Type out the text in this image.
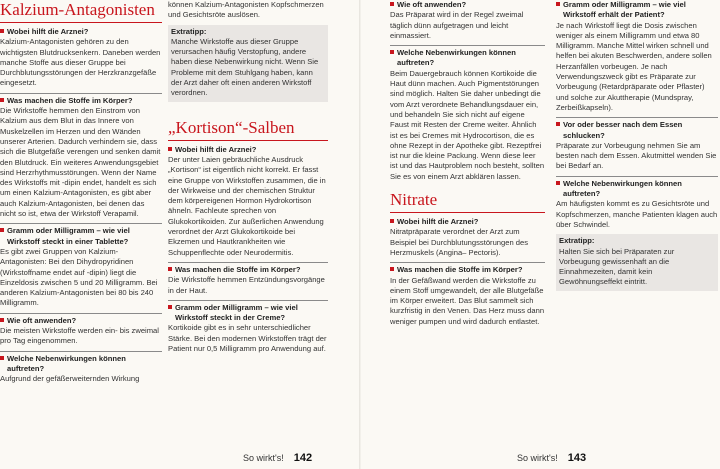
Kalzium-Antagonisten

Wobei hilft die Arznei?

Kalzium-Antagonisten gehören zu den wichtigsten Blutdrucksenkern. Daneben werden manche Stoffe aus dieser Gruppe bei Durchblutungsstörungen der Herzkranzgefäße eingesetzt.

Was machen die Stoffe im Körper?

Die Wirkstoffe hemmen den Einstrom von Kalzium aus dem Blut in das Innere von Muskelzellen im Herzen und den Wänden unserer Arterien. Dadurch verhindern sie, dass sich die Blutgefäße verengen und senken damit den Blutdruck. Ein weiteres Anwendungsgebiet sind Herzrhythmusstörungen. Wenn der Name des Wirkstoffs mit -dipin endet, handelt es sich um einen Kalzium-Antagonisten, es gibt aber auch Kalzium-Antagonisten, bei denen das nicht so ist, etwa der Wirkstoff Verapamil.

Gramm oder Milligramm – wie viel
Wirkstoff steckt in einer Tablette?

Es gibt zwei Gruppen von Kalzium-Antagonisten: Bei den Dihydropyridinen (Wirkstoffname endet auf -dipin) liegt die Einzeldosis zwischen 5 und 20 Milligramm. Bei anderen Kalzium-Antagonisten bei 80 bis 240 Milligramm.

Wie oft anwenden?

Die meisten Wirkstoffe werden ein- bis zweimal pro Tag eingenommen.

Welche Nebenwirkungen können
auftreten?

Aufgrund der gefäßerweiternden Wirkung

können Kalzium-Antagonisten Kopfschmerzen und Gesichtsröte auslösen.

Extratipp:
Manche Wirkstoffe aus dieser Gruppe verursachen häufig Verstopfung, andere haben diese Nebenwirkung nicht. Wenn Sie Probleme mit dem Stuhlgang haben, kann der Arzt daher oft einen anderen Wirkstoff verordnen.
„Kortison“-Salben

Wobei hilft die Arznei?

Der unter Laien gebräuchliche Ausdruck „Kortison“ ist eigentlich nicht korrekt. Er fasst eine Gruppe von Wirkstoffen zusammen, die in der Wirkweise und der chemischen Struktur dem körpereigenen Hormon Hydrokortison ähneln. Fachleute sprechen von Glukokortikoiden. Zur äußerlichen Anwendung verordnet der Arzt Glukokortikoide bei Ekzemen und Hautkrankheiten wie Schuppenflechte oder Neurodermitis.

Was machen die Stoffe im Körper?

Die Wirkstoffe hemmen Entzündungsvorgänge in der Haut.

Gramm oder Milligramm – wie viel
Wirkstoff steckt in der Creme?

Kortikoide gibt es in sehr unterschiedlicher Stärke. Bei den modernen Wirkstoffen trägt der Patient nur 0,5 Milligramm pro Anwendung auf.

So wirkt's! 142

Wie oft anwenden?

Das Präparat wird in der Regel zweimal täglich dünn aufgetragen und leicht einmassiert.

Welche Nebenwirkungen können
auftreten?

Beim Dauergebrauch können Kortikoide die Haut dünn machen. Auch Pigmentstörungen sind möglich. Halten Sie daher unbedingt die vom Arzt verordnete Behandlungsdauer ein, und behandeln Sie sich nicht auf eigene Faust mit Resten der Creme weiter. Ähnlich ist es bei Cremes mit Hydrocortison, die es ohne Rezept in der Apotheke gibt. Rezeptfrei ist nur die kleine Packung. Wenn diese leer ist und das Hautproblem noch besteht, sollten Sie es von einem Arzt abklären lassen.

Nitrate

Wobei hilft die Arznei?

Nitratpräparate verordnet der Arzt zum Beispiel bei Durchblutungsstörungen des Herzmuskels (Angina– Pectoris).

Was machen die Stoffe im Körper?

In der Gefäßwand werden die Wirkstoffe zu einem Stoff umgewandelt, der alle Blutgefäße im Körper erweitert. Das Blut sammelt sich kurzfristig in den Venen. Das Herz muss dann weniger pumpen und wird dadurch entlastet.

Gramm oder Milligramm – wie viel
Wirkstoff erhält der Patient?

Je nach Wirkstoff liegt die Dosis zwischen weniger als einem Milligramm und etwa 80 Milligramm. Manche Mittel wirken schnell und helfen bei akuten Beschwerden, andere sollen Herzanfällen vorbeugen. Je nach Verwendungszweck gibt es Präparate zur Vorbeugung (Retardpräparate oder Pflaster) und solche zur Akuttherapie (Mundspray, Zerbeißkapseln).

Vor oder besser nach dem Essen
schlucken?

Präparate zur Vorbeugung nehmen Sie am besten nach dem Essen. Akutmittel wenden Sie bei Bedarf an.

Welche Nebenwirkungen können
auftreten?

Am häufigsten kommt es zu Gesichtsröte und Kopfschmerzen, manche Patienten klagen auch über Schwindel.

Extratipp:
Halten Sie sich bei Präparaten zur Vorbeugung gewissenhaft an die Einnahmezeiten, damit kein Gewöhnungseffekt eintritt.
So wirkt's! 143
